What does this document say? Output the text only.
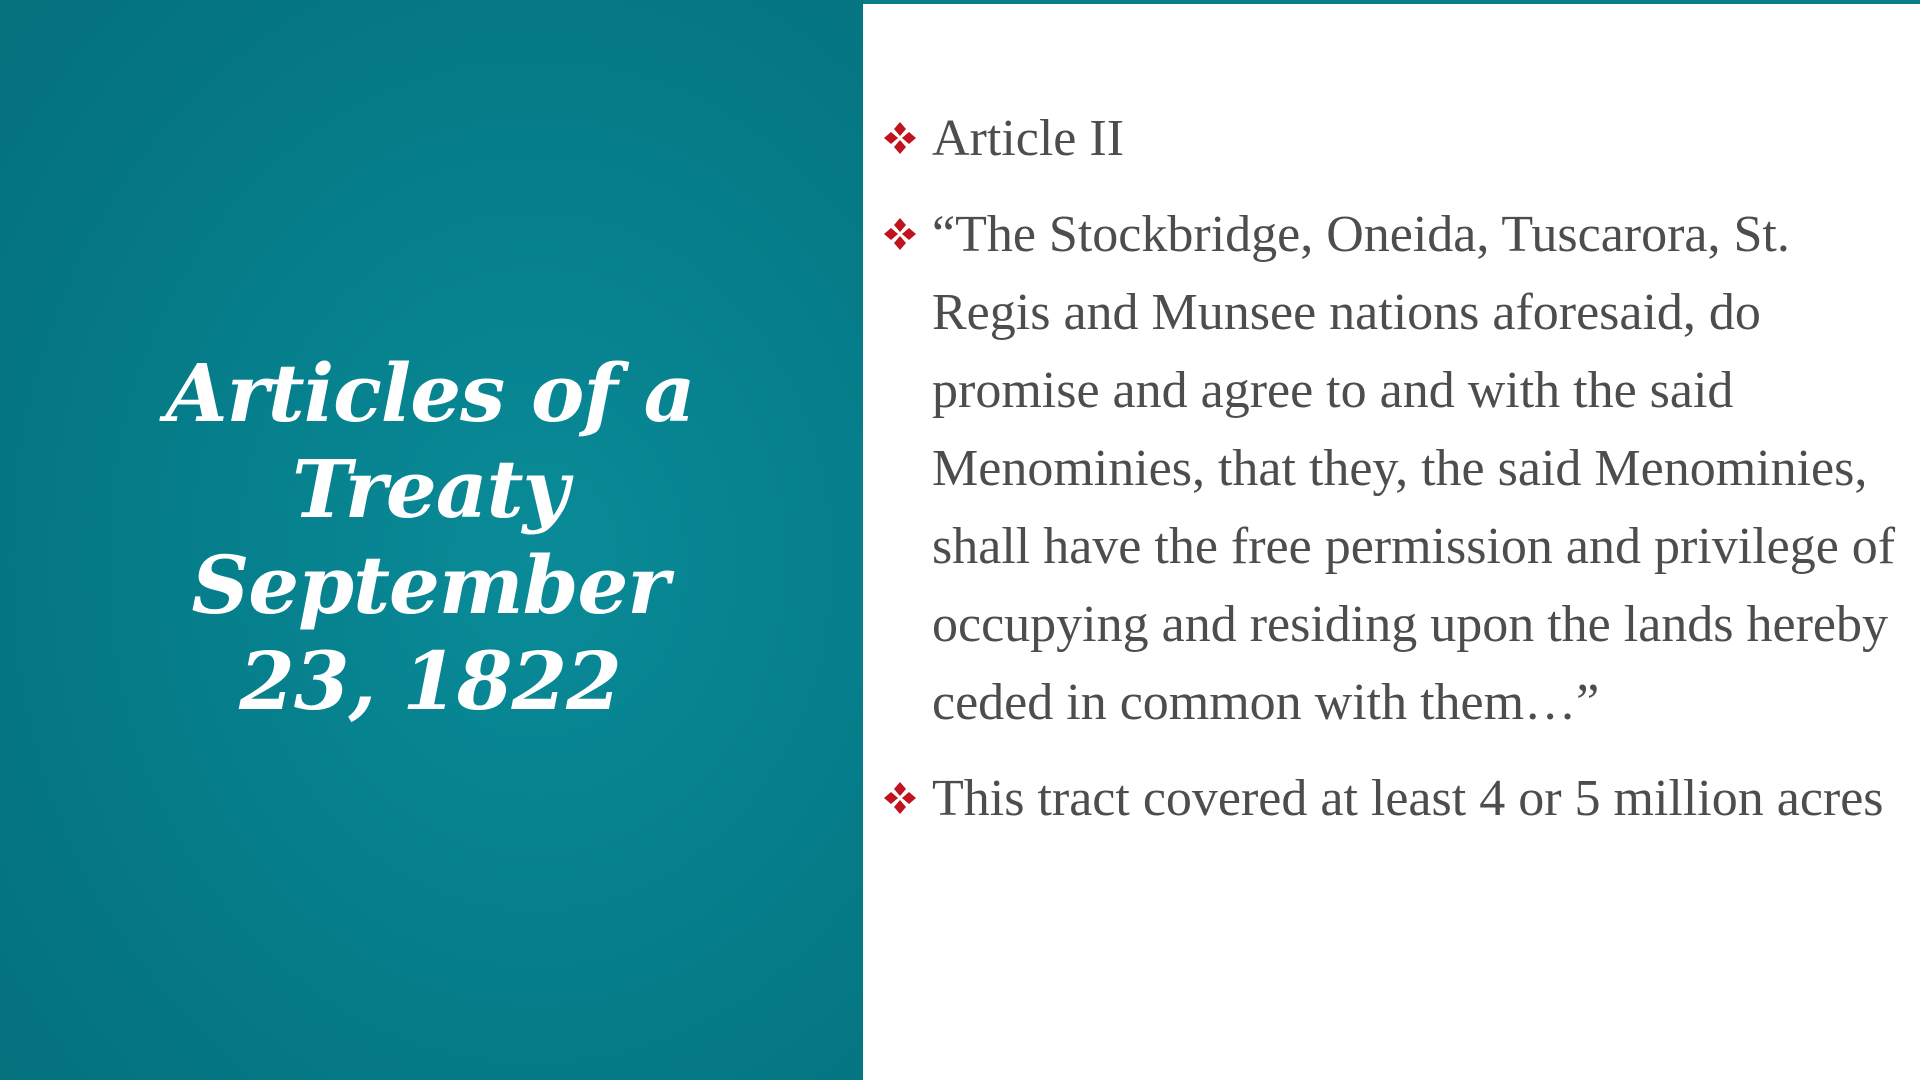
Articles of a
Treaty
September
23, 1822
Article II
“The Stockbridge, Oneida, Tuscarora, St. Regis and Munsee nations aforesaid, do promise and agree to and with the said Menominies, that they, the said Menominies, shall have the free permission and privilege of occupying and residing upon the lands hereby ceded in common with them…”
This tract covered at least 4 or 5 million acres
